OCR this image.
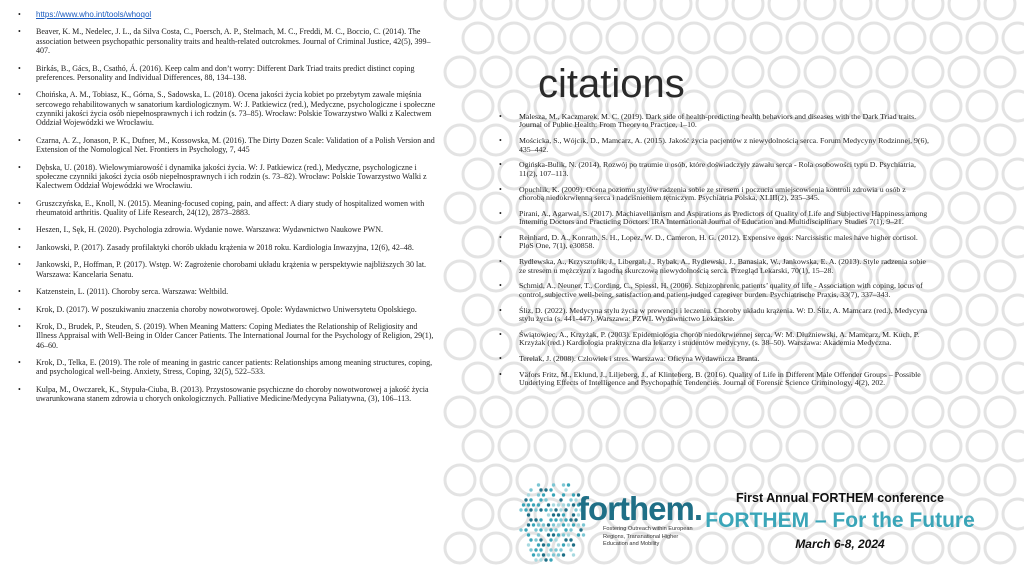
• https://www.who.int/tools/whoqol
• Beaver, K. M., Nedelec, J. L., da Silva Costa, C., Poersch, A. P., Stelmach, M. C., Freddi, M. C., Boccio, C. (2014). The association between psychopathic personality traits and health-related outcrokmes. Journal of Criminal Justice, 42(5), 399–407.
• Birkás, B., Gács, B., Csathó, Á. (2016). Keep calm and don’t worry: Different Dark Triad traits predict distinct coping preferences. Personality and Individual Differences, 88, 134–138.
• Choińska, A. M., Tobiasz, K., Górna, S., Sadowska, L. (2018). Ocena jakości życia kobiet po przebytym zawale mięśnia sercowego rehabilitowanych w sanatorium kardiologicznym. W: J. Patkiewicz (red.), Medyczne, psychologiczne i społeczne czynniki jakości życia osób niepełnosprawnych i ich rodzin (s. 73–85). Wrocław: Polskie Towarzystwo Walki z Kalectwem Oddział Wojewódzki we Wrocławiu.
• Czarna, A. Z., Jonason, P. K., Dufner, M., Kossowska, M. (2016). The Dirty Dozen Scale: Validation of a Polish Version and Extension of the Nomological Net. Frontiers in Psychology, 7, 445
• Dębska, U. (2018). Wielowymiarowość i dynamika jakości życia. W: J. Patkiewicz (red.), Medyczne, psychologiczne i społeczne czynniki jakości życia osób niepełnosprawnych i ich rodzin (s. 73–82). Wrocław: Polskie Towarzystwo Walki z Kalectwem Oddział Wojewódzki we Wrocławiu.
• Gruszczyńska, E., Knoll, N. (2015). Meaning-focused coping, pain, and affect: A diary study of hospitalized women with rheumatoid arthritis. Quality of Life Research, 24(12), 2873–2883.
• Heszen, I., Sęk, H. (2020). Psychologia zdrowia. Wydanie nowe. Warszawa: Wydawnictwo Naukowe PWN.
• Jankowski, P. (2017). Zasady profilaktyki chorób układu krążenia w 2018 roku. Kardiologia Inwazyjna, 12(6), 42–48.
• Jankowski, P., Hoffman, P. (2017). Wstęp. W: Zagrożenie chorobami układu krążenia w perspektywie najbliższych 30 lat. Warszawa: Kancelaria Senatu.
• Katzenstein, L. (2011). Choroby serca. Warszawa: Weltbild.
• Krok, D. (2017). W poszukiwaniu znaczenia choroby nowotworowej. Opole: Wydawnictwo Uniwersytetu Opolskiego.
• Krok, D., Brudek, P., Steuden, S. (2019). When Meaning Matters: Coping Mediates the Relationship of Religiosity and Illness Appraisal with Well-Being in Older Cancer Patients. The International Journal for the Psychology of Religion, 29(1), 46–60.
• Krok, D., Telka, E. (2019). The role of meaning in gastric cancer patients: Relationships among meaning structures, coping, and psychological well-being. Anxiety, Stress, Coping, 32(5), 522–533.
• Kulpa, M., Owczarek, K., Stypuła-Ciuba, B. (2013). Przystosowanie psychiczne do choroby nowotworowej a jakość życia uwarunkowana stanem zdrowia u chorych onkologicznych. Palliative Medicine/Medycyna Paliatywna, (3), 106–113.
citations
• Malesza, M., Kaczmarek, M. C. (2019). Dark side of health-predicting health behaviors and diseases with the Dark Triad traits. Journal of Public Health: From Theory to Practice, 1–10.
• Mościcka, S., Wójcik, D., Mamcarz, A. (2015). Jakość życia pacjentów z niewydolnością serca. Forum Medycyny Rodzinnej, 9(6), 435–442.
• Ogińska-Bulik, N. (2014). Rozwój po traumie u osób, które doświadczyły zawału serca - Rola osobowości typu D. Psychiatria, 11(2), 107–113.
• Opuchlik, K. (2009). Ocena poziomu stylów radzenia sobie ze stresem i poczucia umiejscowienia kontroli zdrowia u osób z chorobą niedokrwienną serca i nadciśnieniem tętniczym. Psychiatria Polska, XLIII(2), 235–345.
• Pirani, A., Agarwal, S. (2017). Machiavellianism and Aspirations as Predictors of Quality of Life and Subjective Happiness among Interning Doctors and Practicing Doctors. IRA International Journal of Education and Multidisciplinary Studies 7(1), 9–21.
• Reinhard, D. A., Konrath, S. H., Lopez, W. D., Cameron, H. G. (2012). Expensive egos: Narcissistic males have higher cortisol. PloS One, 7(1), e30858.
• Rydlewska, A., Krzysztofik, J., Libergal, J., Rybak, A., Rydlewski, J., Banasiak, W., Jankowska, E. A. (2013). Style radzenia sobie ze stresem u mężczyzn z łagodną skurczową niewydolnością serca. Przegląd Lekarski, 70(1), 15–28.
• Schmid, A., Neuner, T., Cording, C., Spiessl, H. (2006). Schizophrenic patients’ quality of life - Association with coping, locus of control, subjective well-being, satisfaction and patient-judged caregiver burden. Psychiatrische Praxis, 33(7), 337–343.
• Śliz, D. (2022). Medycyna stylu życia w prewencji i leczeniu. Choroby układu krążenia. W: D. Śliz, A. Mamcarz (red.), Medycyna stylu życia (s. 441-447). Warszawa: PZWL Wydawnictwo Lekarskie.
• Świątowiec, A., Krzyżak, P. (2003). Epidemiologia chorób niedokrwiennej serca. W: M. Dłużniewski, A. Mamcarz, M. Kuch, P. Krzyżak (red.) Kardiologia praktyczna dla lekarzy i studentów medycyny, (s. 38–50). Warszawa: Akademia Medyczna.
• Terelak, J. (2008). Człowiek i stres. Warszawa: Oficyna Wydawnicza Branta.
• Väfors Fritz, M., Eklund, J., Liljeberg, J., af Klinteberg, B. (2016). Quality of Life in Different Male Offender Groups – Possible Underlying Effects of Intelligence and Psychopathic Tendencies. Journal of Forensic Science Criminology, 4(2), 202.
forthem.
Fostering Outreach within European Regions, Transnational Higher Education and Mobility
First Annual FORTHEM conference
FORTHEM – For the Future
March 6-8, 2024
